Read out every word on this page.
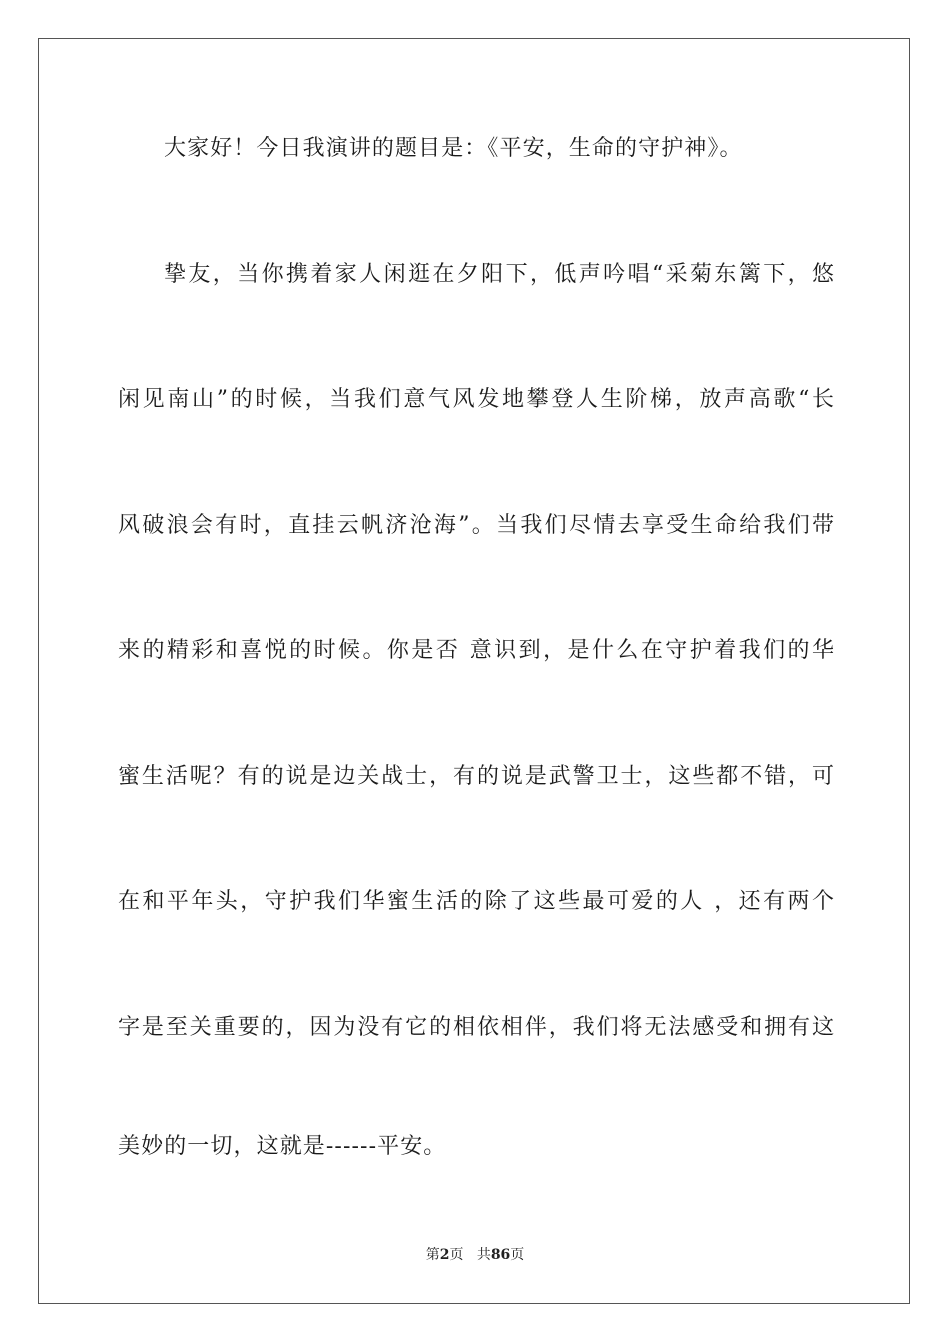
大家好！今日我演讲的题目是：《平安，生命的守护神》。
挚友，当你携着家人闲逛在夕阳下，低声吟唱“采菊东篱下，悠
闲见南山”的时候，当我们意气风发地攀登人生阶梯，放声高歌“长
风破浪会有时，直挂云帆济沧海”。当我们尽情去享受生命给我们带
来的精彩和喜悦的时候。你是否 意识到，是什么在守护着我们的华
蜜生活呢？有的说是边关战士，有的说是武警卫士，这些都不错，可
在和平年头，守护我们华蜜生活的除了这些最可爱的人 ，还有两个
字是至关重要的，因为没有它的相依相伴，我们将无法感受和拥有这
美妙的一切，这就是------平安。
第2页 共86页
